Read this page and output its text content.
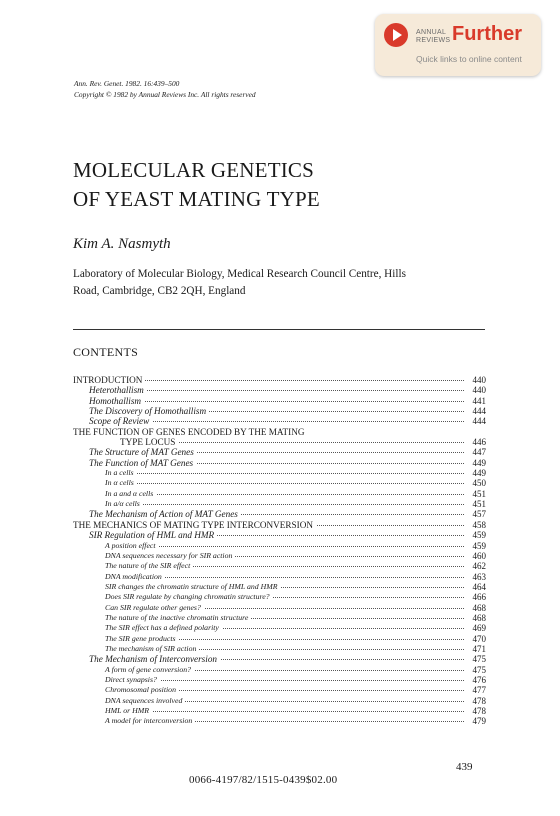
ANNUAL
REVIEWS Further
Quick links to online content
Ann. Rev. Genet. 1982. 16:439–500
Copyright © 1982 by Annual Reviews Inc. All rights reserved
MOLECULAR GENETICS
OF YEAST MATING TYPE
Kim A. Nasmyth
Laboratory of Molecular Biology, Medical Research Council Centre, Hills
Road, Cambridge, CB2 2QH, England
CONTENTS
INTRODUCTION	440
Heterothallism	440
Homothallism	441
The Discovery of Homothallism	444
Scope of Review	444
THE FUNCTION OF GENES ENCODED BY THE MATING
TYPE LOCUS	446
The Structure of MAT Genes	447
The Function of MAT Genes	449
In a cells	449
In α cells	450
In a and α cells	451
In a/α cells	451
The Mechanism of Action of MAT Genes	457
THE MECHANICS OF MATING TYPE INTERCONVERSION	458
SIR Regulation of HML and HMR	459
A position effect	459
DNA sequences necessary for SIR action	460
The nature of the SIR effect	462
DNA modification	463
SIR changes the chromatin structure of HML and HMR	464
Does SIR regulate by changing chromatin structure?	466
Can SIR regulate other genes?	468
The nature of the inactive chromatin structure	468
The SIR effect has a defined polarity	469
The SIR gene products	470
The mechanism of SIR action	471
The Mechanism of Interconversion	475
A form of gene conversion?	475
Direct synapsis?	476
Chromosomal position	477
DNA sequences involved	478
HML or HMR	478
A model for interconversion	479
439
0066-4197/82/1515-0439$02.00
